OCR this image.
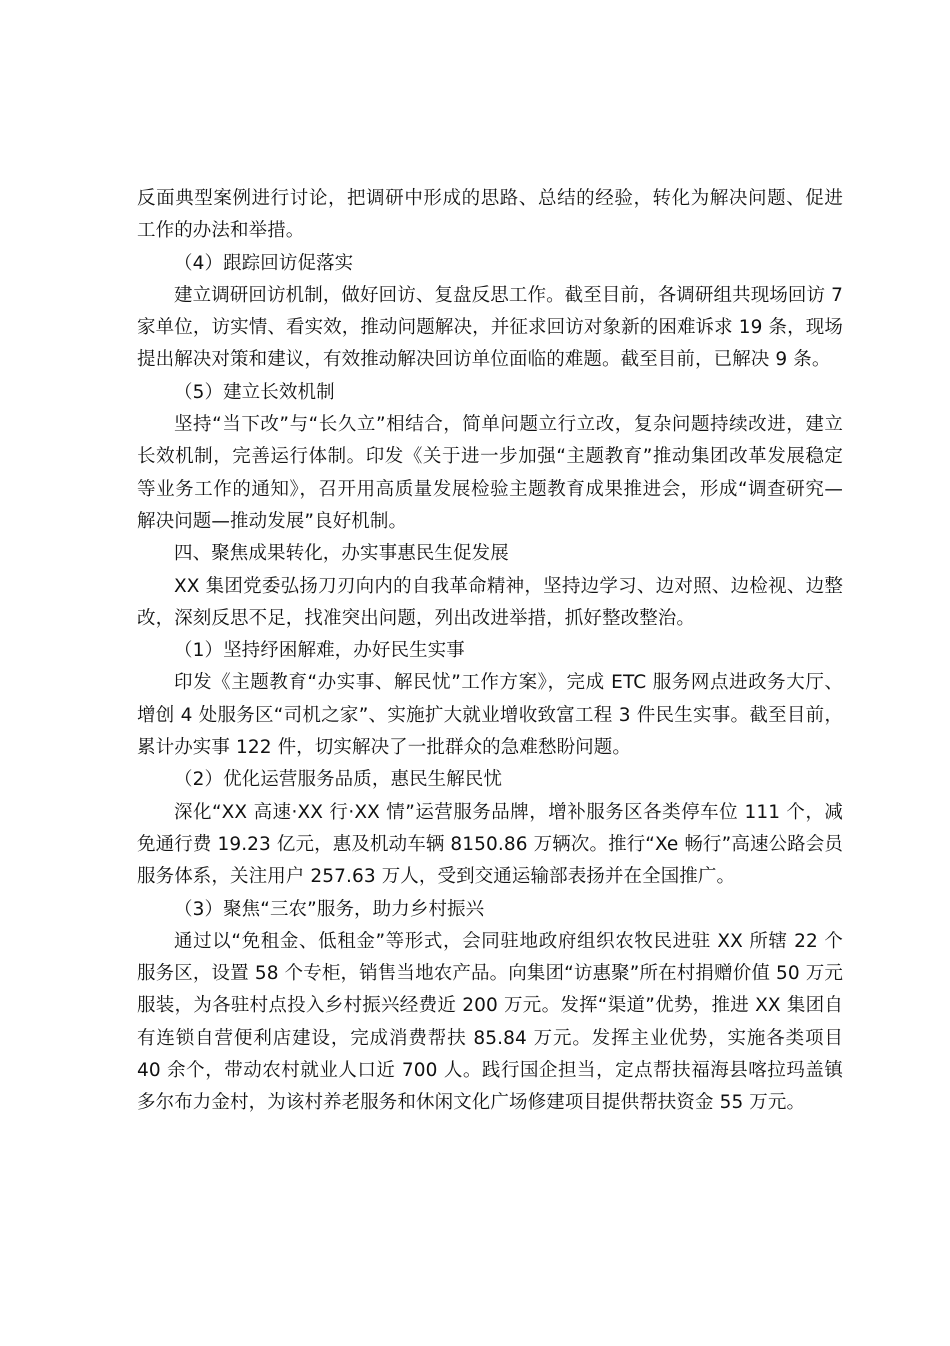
反面典型案例进行讨论，把调研中形成的思路、总结的经验，转化为解决问题、促进工作的办法和举措。

（4）跟踪回访促落实

建立调研回访机制，做好回访、复盘反思工作。截至目前，各调研组共现场回访 7 家单位，访实情、看实效，推动问题解决，并征求回访对象新的困难诉求 19 条，现场提出解决对策和建议，有效推动解决回访单位面临的难题。截至目前，已解决 9 条。

（5）建立长效机制

坚持“当下改”与“长久立”相结合，简单问题立行立改，复杂问题持续改进，建立长效机制，完善运行体制。印发《关于进一步加强“主题教育”推动集团改革发展稳定等业务工作的通知》，召开用高质量发展检验主题教育成果推进会，形成“调查研究—解决问题—推动发展”良好机制。

四、聚焦成果转化，办实事惠民生促发展

XX 集团党委弘扬刀刃向内的自我革命精神，坚持边学习、边对照、边检视、边整改，深刻反思不足，找准突出问题，列出改进举措，抓好整改整治。

（1）坚持纾困解难，办好民生实事

印发《主题教育“办实事、解民忧”工作方案》，完成 ETC 服务网点进政务大厅、增创 4 处服务区“司机之家”、实施扩大就业增收致富工程 3 件民生实事。截至目前，累计办实事 122 件，切实解决了一批群众的急难愁盼问题。

（2）优化运营服务品质，惠民生解民忧

深化“XX 高速·XX 行·XX 情”运营服务品牌，增补服务区各类停车位 111 个，减免通行费 19.23 亿元，惠及机动车辆 8150.86 万辆次。推行“Xe 畅行”高速公路会员服务体系，关注用户 257.63 万人，受到交通运输部表扬并在全国推广。

（3）聚焦“三农”服务，助力乡村振兴

通过以“免租金、低租金”等形式，会同驻地政府组织农牧民进驻 XX 所辖 22 个服务区，设置 58 个专柜，销售当地农产品。向集团“访惠聚”所在村捐赠价值 50 万元服装，为各驻村点投入乡村振兴经费近 200 万元。发挥“渠道”优势，推进 XX 集团自有连锁自营便利店建设，完成消费帮扶 85.84 万元。发挥主业优势，实施各类项目 40 余个，带动农村就业人口近 700 人。践行国企担当，定点帮扶福海县喀拉玛盖镇多尔布力金村，为该村养老服务和休闲文化广场修建项目提供帮扶资金 55 万元。
